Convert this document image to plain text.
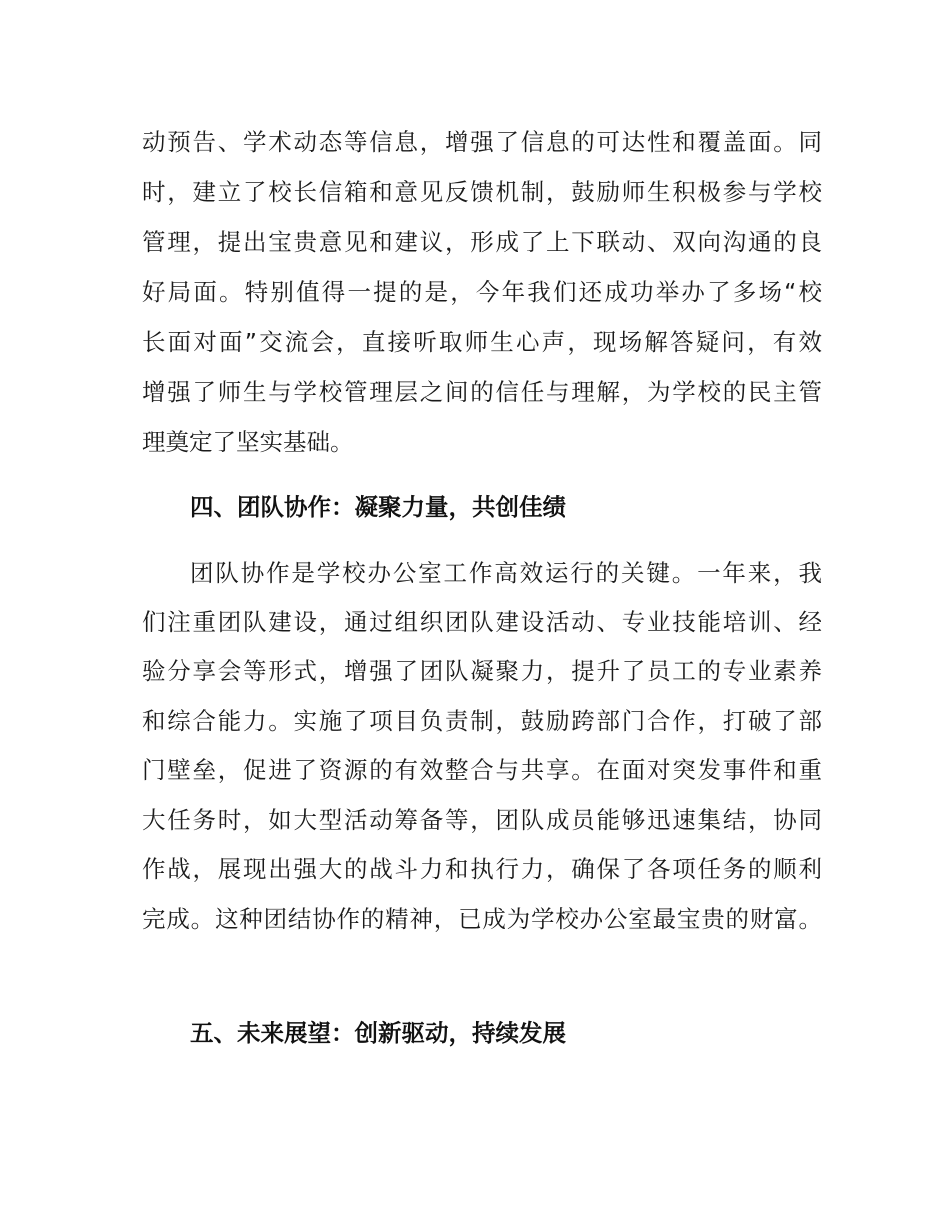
动预告、学术动态等信息，增强了信息的可达性和覆盖面。同
时，建立了校长信箱和意见反馈机制，鼓励师生积极参与学校
管理，提出宝贵意见和建议，形成了上下联动、双向沟通的良
好局面。特别值得一提的是，今年我们还成功举办了多场“校
长面对面”交流会，直接听取师生心声，现场解答疑问，有效
增强了师生与学校管理层之间的信任与理解，为学校的民主管
理奠定了坚实基础。
四、团队协作：凝聚力量，共创佳绩
团队协作是学校办公室工作高效运行的关键。一年来，我
们注重团队建设，通过组织团队建设活动、专业技能培训、经
验分享会等形式，增强了团队凝聚力，提升了员工的专业素养
和综合能力。实施了项目负责制，鼓励跨部门合作，打破了部
门壁垒，促进了资源的有效整合与共享。在面对突发事件和重
大任务时，如大型活动筹备等，团队成员能够迅速集结，协同
作战，展现出强大的战斗力和执行力，确保了各项任务的顺利
完成。这种团结协作的精神，已成为学校办公室最宝贵的财富。
五、未来展望：创新驱动，持续发展
